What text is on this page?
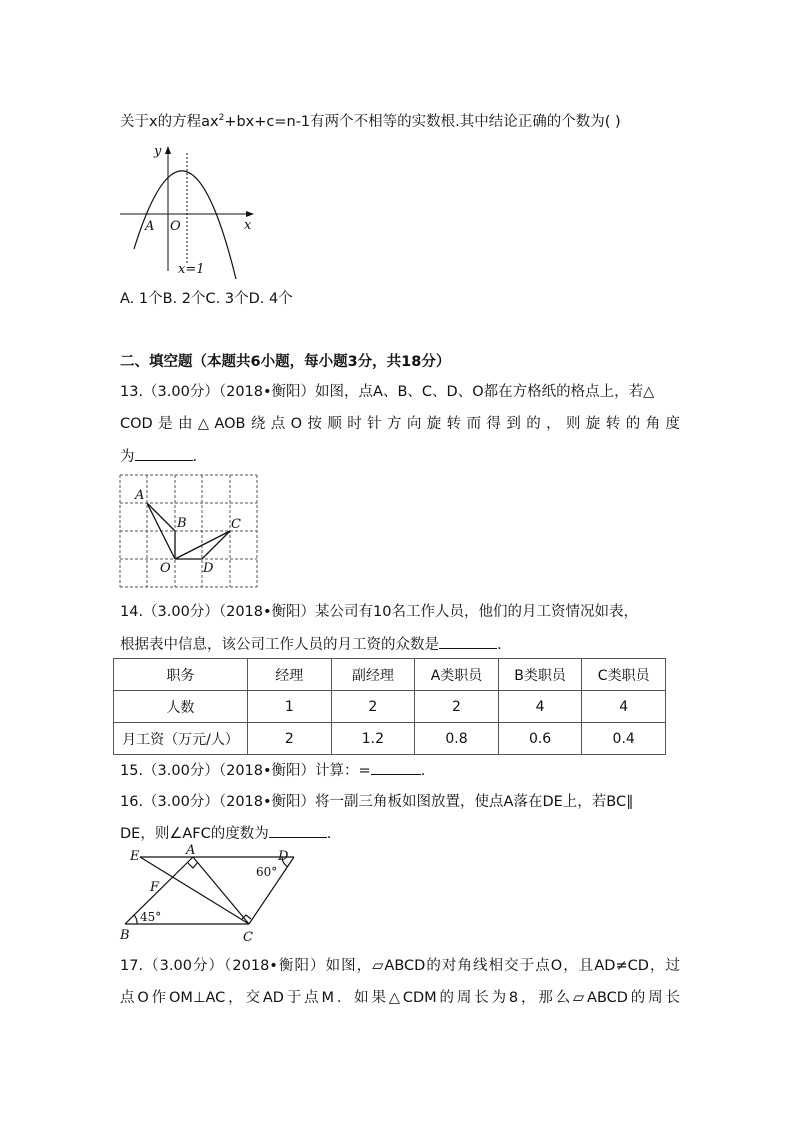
关于x的方程$ax^2+bx+c=n-1$有两个不相等的实数根.其中结论正确的个数为( )
y
x
O
A
x=1
A. 1个B. 2个C. 3个D. 4个
二、填空题（本题共6小题，每小题3分，共18分）
13.（3.00分）（2018•衡阳）如图，点A、B、C、D、O都在方格纸的格点上，若△
COD是由△AOB绕点O按顺时针方向旋转而得到的，则旋转的角度
为	.
A
B	C
D
O
14.（3.00分）（2018•衡阳）某公司有10名工作人员，他们的月工资情况如表，
根据表中信息，该公司工作人员的月工资的众数是	.
职务	经理	副经理	A类职员	B类职员	C类职员
人数	1	2	2	4	4
月工资（万元/人）	2	1.2	0.8	0.6	0.4
15.（3.00分）（2018•衡阳）计算：=	.
16.（3.00分）（2018•衡阳）将一副三角板如图放置，使点A落在DE上，若BC∥
DE，则∠AFC的度数为	.
E	A	D
F
B	C
60°
45°
17.（3.00分）（2018•衡阳）如图，▱ABCD的对角线相交于点O，且AD≠CD，过
点O作OM⊥AC，交AD于点M．如果△CDM的周长为8，那么▱ABCD的周长
